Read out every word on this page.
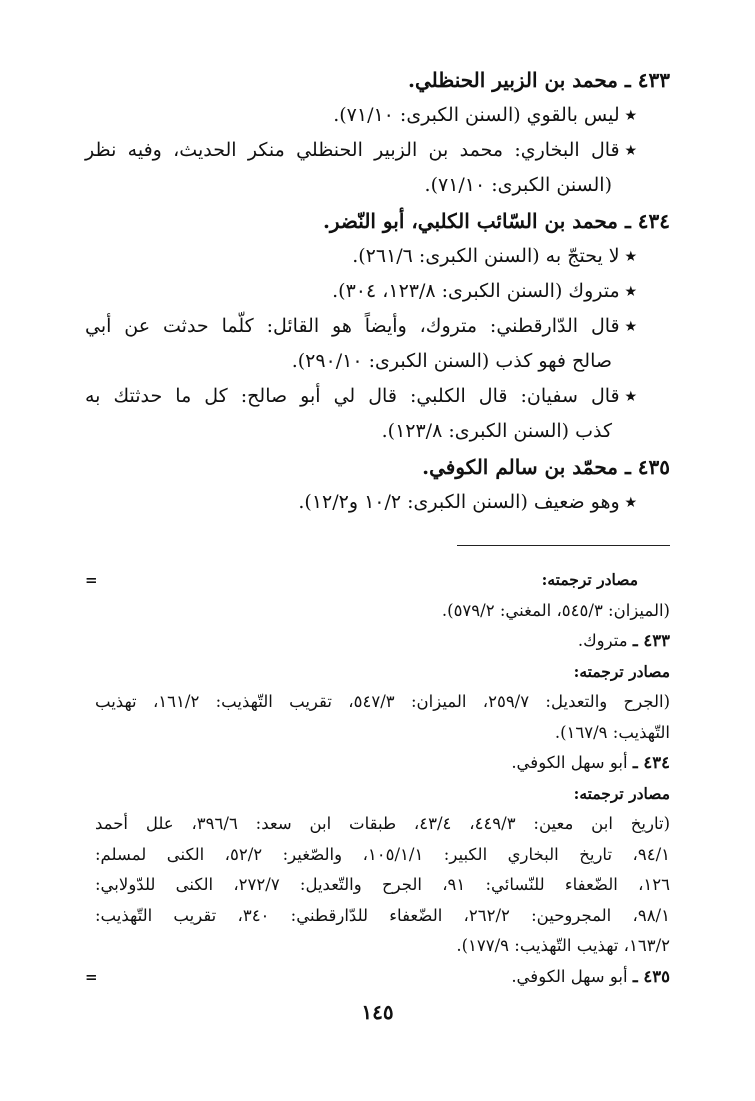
٤٣٣ ـ محمد بن الزبير الحنظلي.
٭ليس بالقوي (السنن الكبرى: ٧١/١٠).
٭قال البخاري: محمد بن الزبير الحنظلي منكر الحديث، وفيه نظر
(السنن الكبرى: ٧١/١٠).
٤٣٤ ـ محمد بن السّائب الكلبي، أبو النّضر.
٭لا يحتجّ به (السنن الكبرى: ٢٦١/٦).
٭متروك (السنن الكبرى: ١٢٣/٨، ٣٠٤).
٭قال الدّارقطني: متروك، وأيضاً هو القائل: كلّما حدثت عن أبي
صالح فهو كذب (السنن الكبرى: ٢٩٠/١٠).
٭قال سفيان: قال الكلبي: قال لي أبو صالح: كل ما حدثتك به
كذب (السنن الكبرى: ١٢٣/٨).
٤٣٥ ـ محمّد بن سالم الكوفي.
٭وهو ضعيف (السنن الكبرى: ١٠/٢ و١٢/٢).
مصادر ترجمته:
=
(الميزان: ٥٤٥/٣، المغني: ٥٧٩/٢).
٤٣٣ ـ متروك.
مصادر ترجمته:
(الجرح والتعديل: ٢٥٩/٧، الميزان: ٥٤٧/٣، تقريب التّهذيب: ١٦١/٢، تهذيب
التّهذيب: ١٦٧/٩).
٤٣٤ ـ أبو سهل الكوفي.
مصادر ترجمته:
(تاريخ ابن معين: ٤٤٩/٣، ٤٣/٤، طبقات ابن سعد: ٣٩٦/٦، علل أحمد
٩٤/١، تاريخ البخاري الكبير: ١٠٥/١/١، والصّغير: ٥٢/٢، الكنى لمسلم:
١٢٦، الضّعفاء للنّسائي: ٩١، الجرح والتّعديل: ٢٧٢/٧، الكنى للدّولابي:
٩٨/١، المجروحين: ٢٦٢/٢، الضّعفاء للدّارقطني: ٣٤٠، تقريب التّهذيب:
١٦٣/٢، تهذيب التّهذيب: ١٧٧/٩).
٤٣٥ ـ أبو سهل الكوفي.
=
١٤٥
